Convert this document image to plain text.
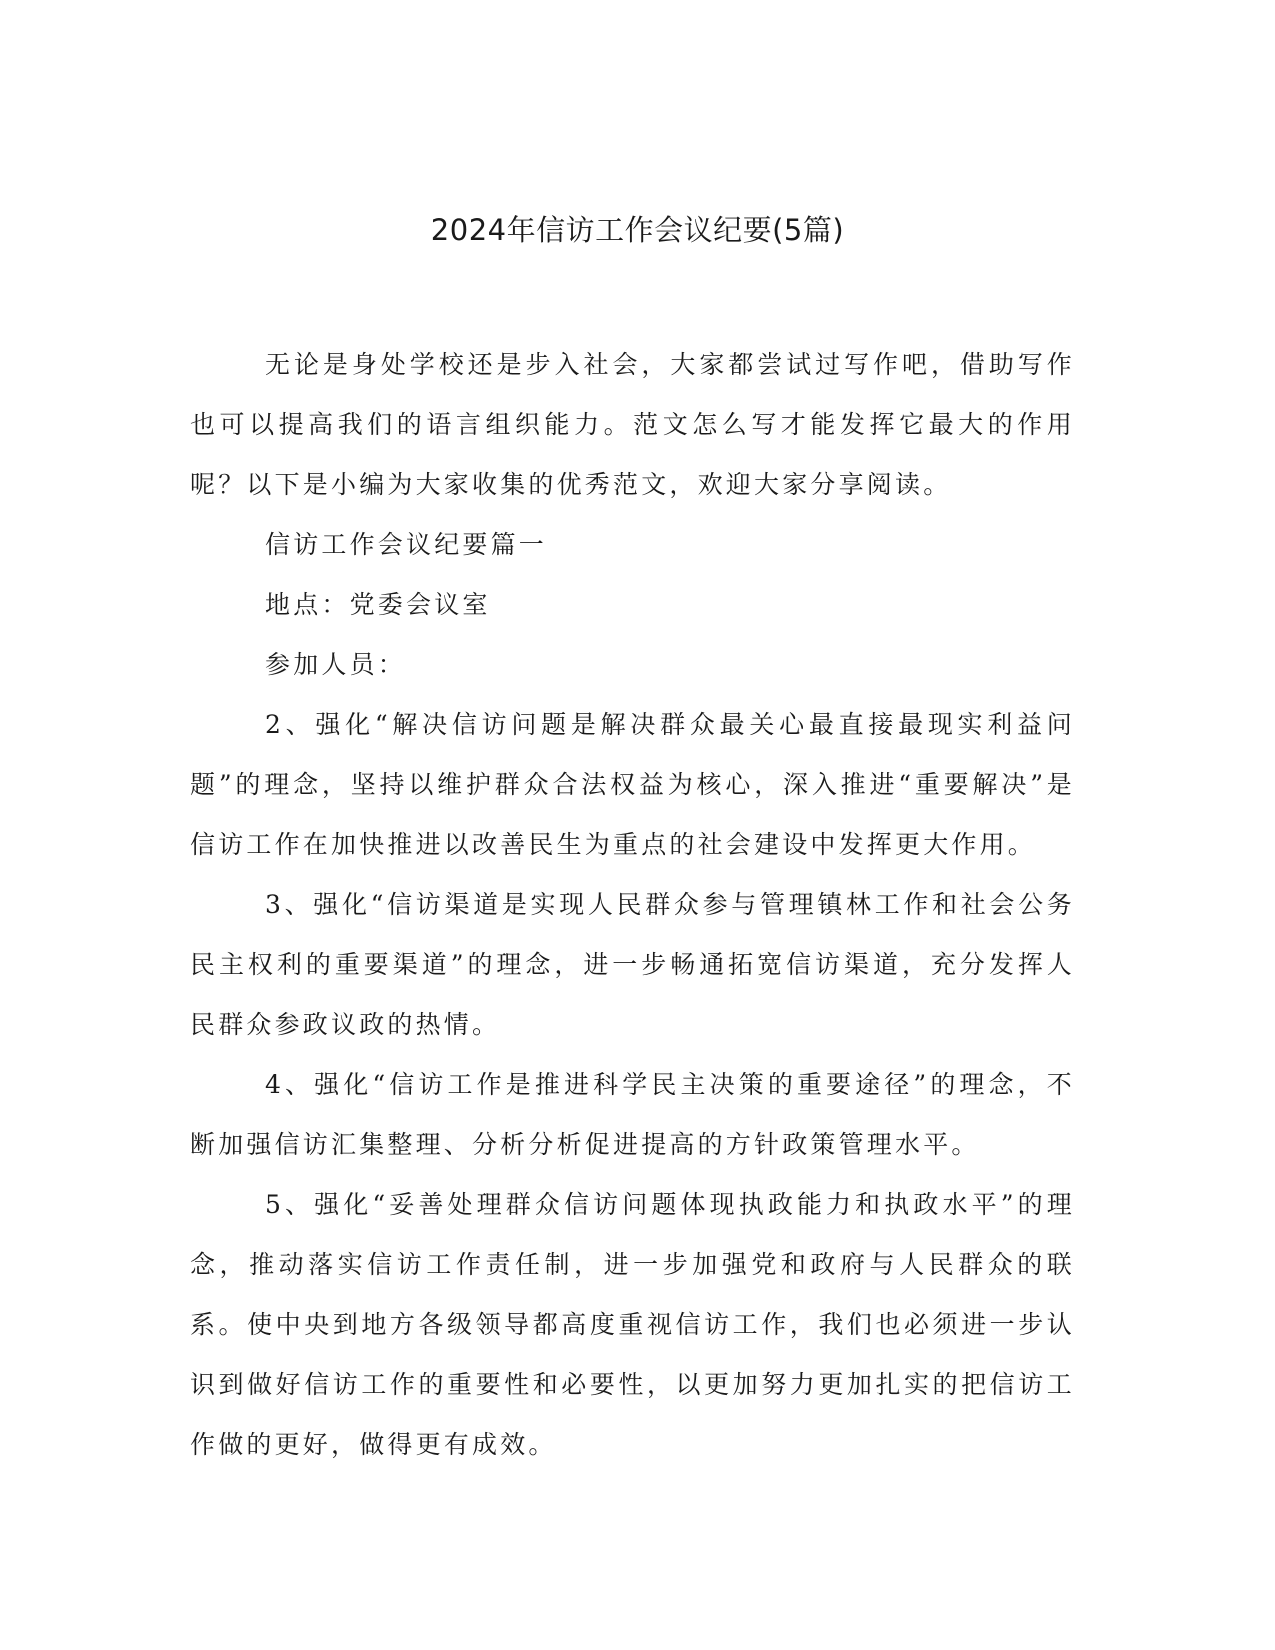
2024年信访工作会议纪要(5篇)

无论是身处学校还是步入社会，大家都尝试过写作吧，借助写作也可以提高我们的语言组织能力。范文怎么写才能发挥它最大的作用呢？以下是小编为大家收集的优秀范文，欢迎大家分享阅读。

信访工作会议纪要篇一

地点：党委会议室

参加人员：

2、强化“解决信访问题是解决群众最关心最直接最现实利益问题”的理念，坚持以维护群众合法权益为核心，深入推进“重要解决”是信访工作在加快推进以改善民生为重点的社会建设中发挥更大作用。

3、强化“信访渠道是实现人民群众参与管理镇林工作和社会公务民主权利的重要渠道”的理念，进一步畅通拓宽信访渠道，充分发挥人民群众参政议政的热情。

4、强化“信访工作是推进科学民主决策的重要途径”的理念，不断加强信访汇集整理、分析分析促进提高的方针政策管理水平。

5、强化“妥善处理群众信访问题体现执政能力和执政水平”的理念，推动落实信访工作责任制，进一步加强党和政府与人民群众的联系。使中央到地方各级领导都高度重视信访工作，我们也必须进一步认识到做好信访工作的重要性和必要性，以更加努力更加扎实的把信访工作做的更好，做得更有成效。
